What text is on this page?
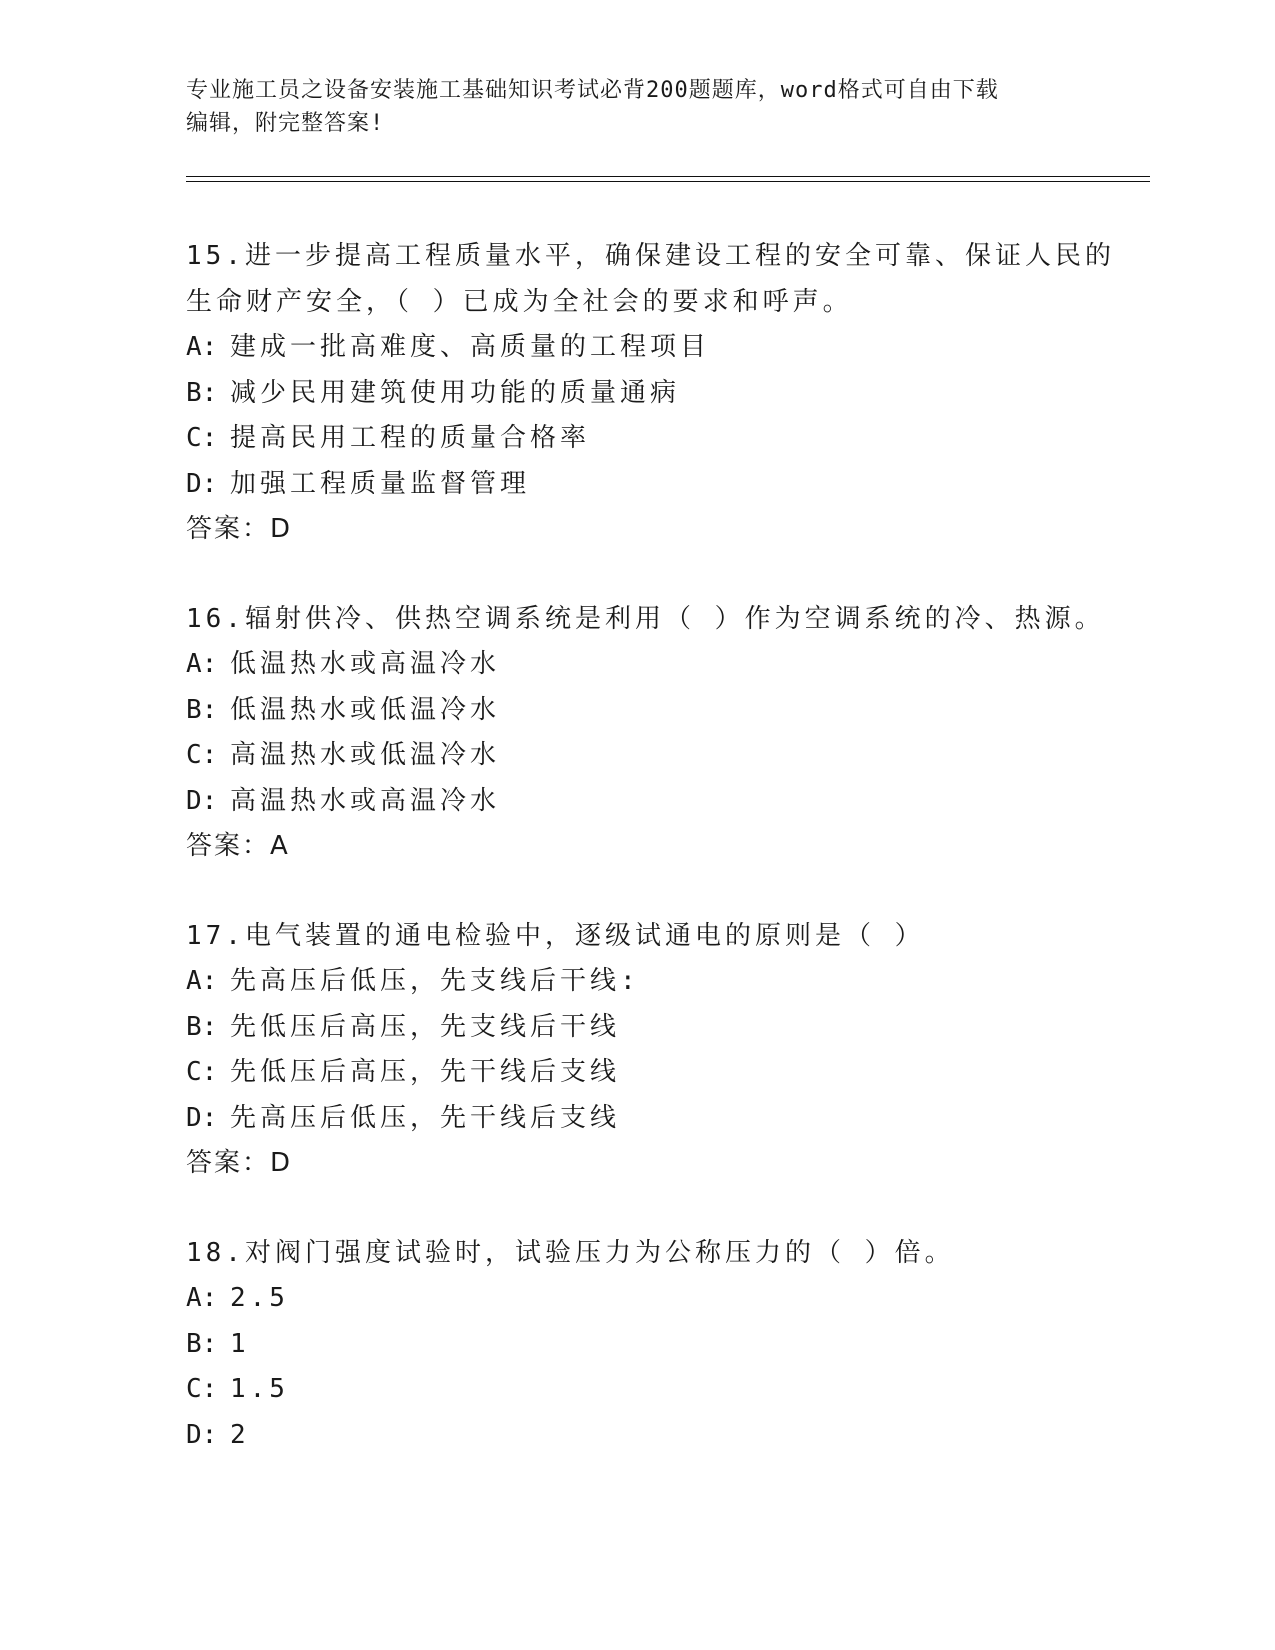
专业施工员之设备安装施工基础知识考试必背200题题库，word格式可自由下载
编辑，附完整答案!
15.进一步提高工程质量水平，确保建设工程的安全可靠、保证人民的
生命财产安全，（ ）已成为全社会的要求和呼声。
A: 建成一批高难度、高质量的工程项目
B: 减少民用建筑使用功能的质量通病
C: 提高民用工程的质量合格率
D: 加强工程质量监督管理
答案：D
16.辐射供冷、供热空调系统是利用（ ）作为空调系统的冷、热源。
A: 低温热水或高温冷水
B: 低温热水或低温冷水
C: 高温热水或低温冷水
D: 高温热水或高温冷水
答案：A
17.电气装置的通电检验中，逐级试通电的原则是（ ）
A: 先高压后低压，先支线后干线:
B: 先低压后高压，先支线后干线
C: 先低压后高压，先干线后支线
D: 先高压后低压，先干线后支线
答案：D
18.对阀门强度试验时，试验压力为公称压力的（ ）倍。
A: 2.5
B: 1
C: 1.5
D: 2
